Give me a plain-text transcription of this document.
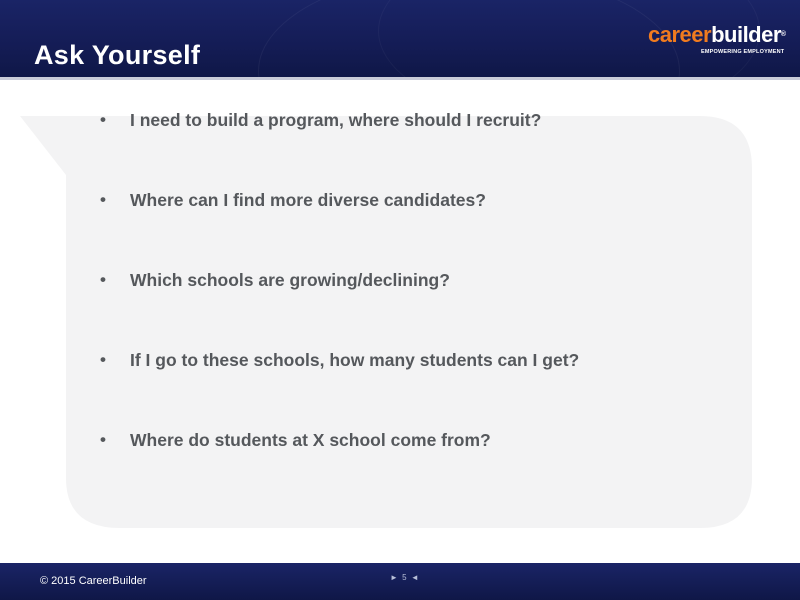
Ask Yourself
careerbuilder®
EMPOWERING EMPLOYMENT
• I need to build a program, where should I recruit?
• Where can I find more diverse candidates?
• Which schools are growing/declining?
• If I go to these schools, how many students can I get?
• Where do students at X school come from?
© 2015 CareerBuilder	► 5 ◄
